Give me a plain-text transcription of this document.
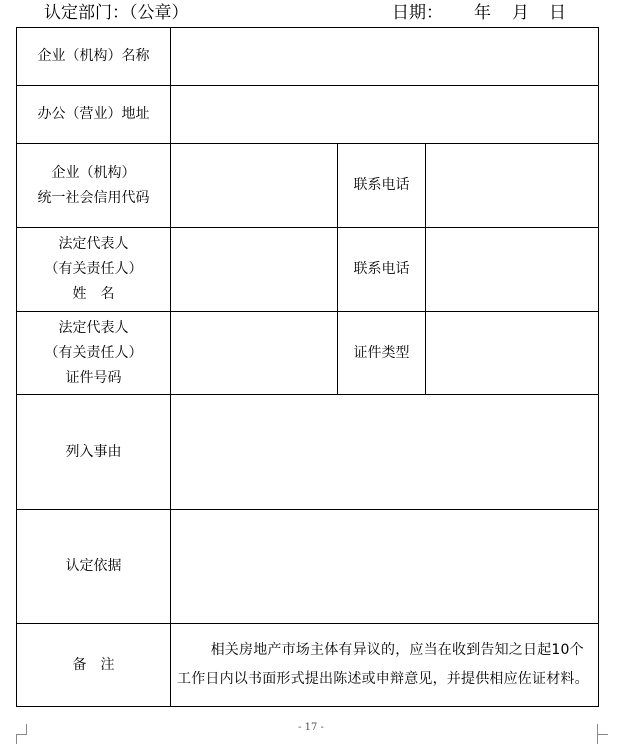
认定部门：（公章）	日期： 年 月 日
企业（机构）名称			
办公（营业）地址			

企业（机构）
统一社会信用代码		联系电话	

法定代表人
（有关责任人）
姓　名		联系电话	

法定代表人
（有关责任人）
证件号码		证件类型	
列入事由			
认定依据			
备　注	相关房地产市场主体有异议的，应当在收到告知之日起10个工作日内以书面形式提出陈述或申辩意见，并提供相应佐证材料。		
- 17 -
